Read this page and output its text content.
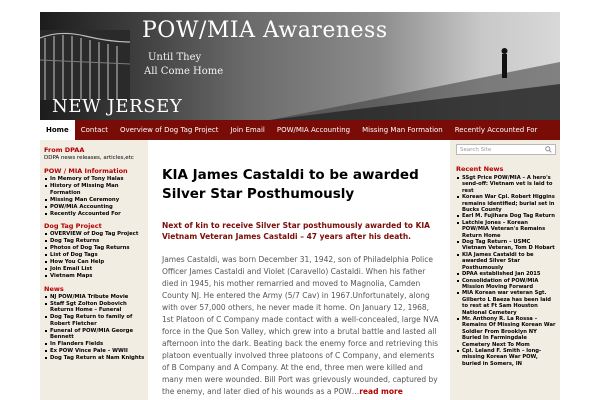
POW/MIA Awareness
Until They
All Come Home
NEW JERSEY
Home	Contact	Overview of Dog Tag Project	Join Email	POW/MIA Accounting	Missing Man Formation	Recently Accounted For
From DPAA
DDPA news releases, articles,etc
POW / MIA Information
In Memory of Tony Halas
History of Missing Man Formation
Missing Man Ceremony
POW/MIA Accounting
Recently Accounted For
Dog Tag Project
OVERVIEW of Dog Tag Project
Dog Tag Returns
Photos of Dog Tag Returns
List of Dog Tags
How You Can Help
Join Email List
Vietnam Maps
News
NJ POW/MIA Tribute Movie
Staff Sgt Zolton Dobovich Returns Home – Funeral
Dog Tag Return to family of Robert Fletcher
Funeral of POW/MIA George Bennett
In Flanders Fields
Ex POW Vince Pale – WWII
Dog Tag Return at Nam Knights
KIA James Castaldi to be awarded Silver Star Posthumously

Next of kin to receive Silver Star posthumously awarded to KIA Vietnam Veteran James Castaldi – 47 years after his death.

James Castaldi, was born December 31, 1942, son of Philadelphia Police Officer James Castaldi and Violet (Caravello) Castaldi. When his father died in 1945, his mother remarried and moved to Magnolia, Camden County NJ. He entered the Army (5/7 Cav) in 1967.Unfortunately, along with over 57,000 others, he never made it home. On January 12, 1968, 1st Platoon of C Company made contact with a well-concealed, large NVA force in the Que Son Valley, which grew into a brutal battle and lasted all afternoon into the dark. Beating back the enemy force and retrieving this platoon eventually involved three platoons of C Company, and elements of B Company and A Company. At the end, three men were killed and many men were wounded. Bill Port was grievously wounded, captured by the enemy, and later died of his wounds as a POW…read more

Search Site
Recent News
SSgt Price POW/MIA – A hero's send-off: Vietnam vet is laid to rest
Korean War Cpl. Robert Higgins remains identified; burial set in Bucks County
Earl M. Fujihara Dog Tag Return
Latchie Jones – Korean POW/MIA Veteran's Remains Return Home
Dog Tag Return – USMC Vietnam Veteran, Tom D Hobart
KIA James Castaldi to be awarded Silver Star Posthumously
DPAA established Jan 2015
Consolidation of POW/MIA Mission Moving Forward
MIA Korean war veteran Sgt. Gilberto L Baeza has been laid to rest at Ft Sam Houston National Cemetery
Mr. Anthony R. La Rossa – Remains Of Missing Korean War Soldier From Brooklyn NY Buried In Farmingdale Cemetery Next To Mom
Cpl. Leland F. Smith – long-missing Korean War POW, buried in Somers, IN
